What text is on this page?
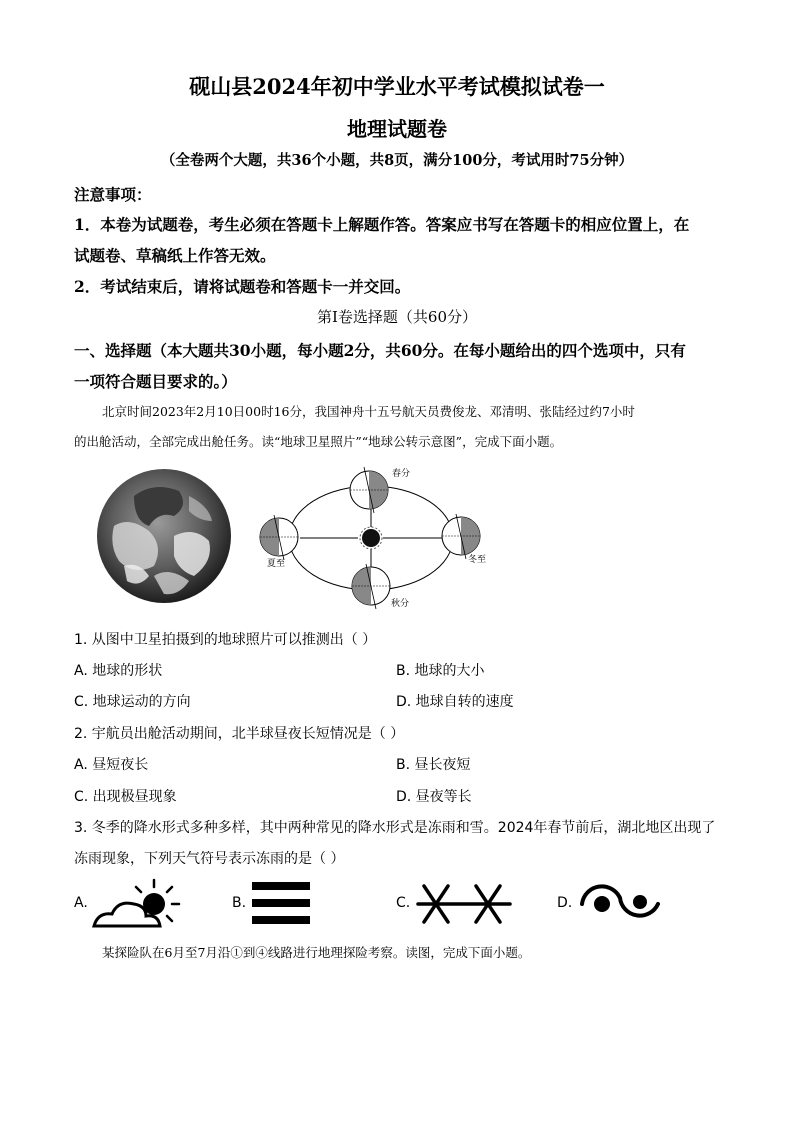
砚山县2024年初中学业水平考试模拟试卷一
地理试题卷
（全卷两个大题，共36个小题，共8页，满分100分，考试用时75分钟）
注意事项：
1．本卷为试题卷，考生必须在答题卡上解题作答。答案应书写在答题卡的相应位置上，在
试题卷、草稿纸上作答无效。
2．考试结束后，请将试题卷和答题卡一并交回。
第Ⅰ卷选择题（共60分）
一、选择题（本大题共30小题，每小题2分，共60分。在每小题给出的四个选项中，只有
一项符合题目要求的。）
北京时间2023年2月10日00时16分，我国神舟十五号航天员费俊龙、邓清明、张陆经过约7小时
的出舱活动，全部完成出舱任务。读“地球卫星照片”“地球公转示意图”，完成下面小题。
春分
夏至
秋分
冬至
1. 从图中卫星拍摄到的地球照片可以推测出（ ）
A. 地球的形状	B. 地球的大小
C. 地球运动的方向	D. 地球自转的速度
2. 宇航员出舱活动期间，北半球昼夜长短情况是（ ）
A. 昼短夜长	B. 昼长夜短
C. 出现极昼现象	D. 昼夜等长
3. 冬季的降水形式多种多样，其中两种常见的降水形式是冻雨和雪。2024年春节前后，湖北地区出现了
冻雨现象，下列天气符号表示冻雨的是（ ）
A.	B.	C.	D.
某探险队在6月至7月沿①到④线路进行地理探险考察。读图，完成下面小题。
